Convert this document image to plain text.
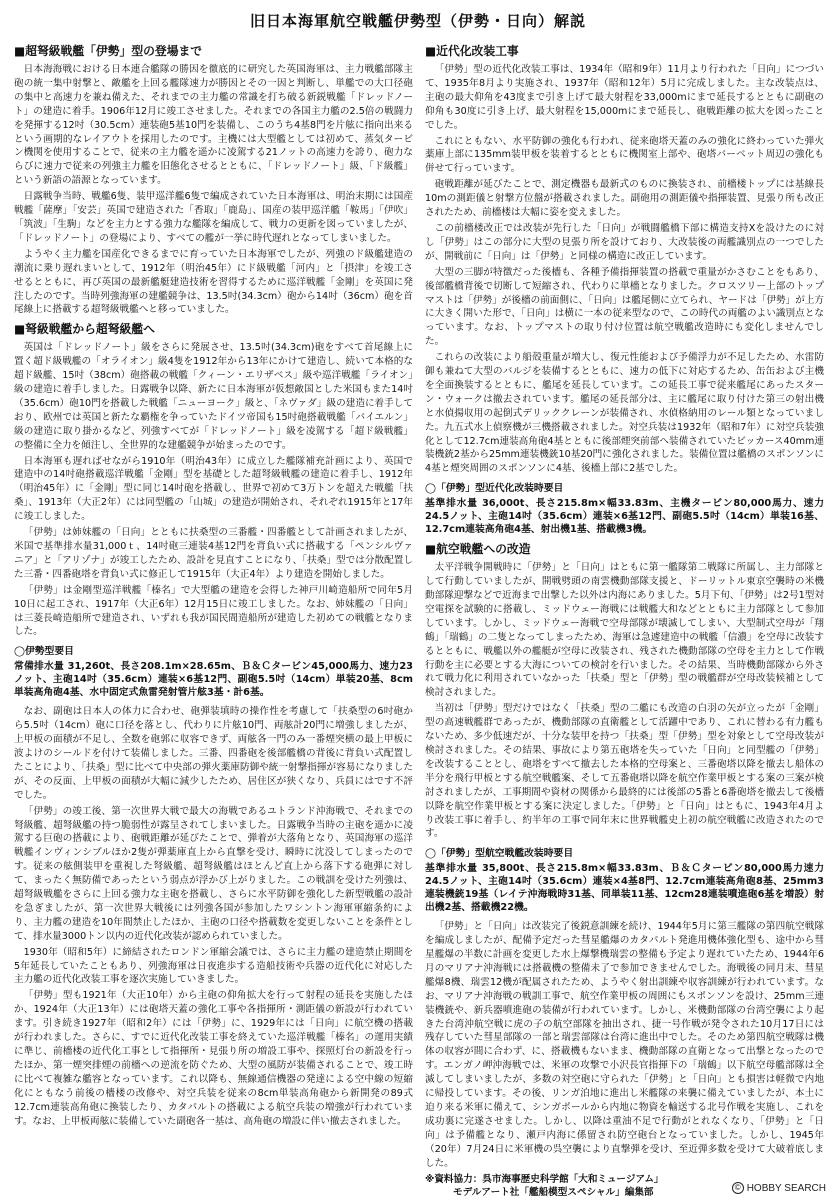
旧日本海軍航空戦艦伊勢型（伊勢・日向）解説
■超弩級戦艦「伊勢」型の登場まで

日本海海戦における日本連合艦隊の勝因を徹底的に研究した英国海軍は、主力戦艦部隊主砲の統一集中射撃と、敵艦を上回る艦隊速力が勝因とその一因と判断し、単艦での大口径砲の集中と高速力を兼ね備えた、それまでの主力艦の常識を打ち破る新鋭戦艦「ドレッドノート」の建造に着手。1906年12月に竣工させました。それまでの各国主力艦の2.5倍の戦闘力を発揮する12吋（30.5cm）連装砲5基10門を装備し、このうち4基8門を片舷に指向出来るという画期的なレイアウトを採用したのです。主機には大型艦としては初めて、蒸気タービン機関を使用することで、従来の主力艦を遥かに凌駕する21ノットの高速力を誇り、砲力ならびに速力で従来の列強主力艦を旧態化させるとともに、「ドレッドノート」級、「ド級艦」という新語の語源となっています。

日露戦争当時、戦艦6隻、装甲巡洋艦6隻で編成されていた日本海軍は、明治末期には国産戦艦「薩摩」「安芸」英国で建造された「香取」「鹿島」、国産の装甲巡洋艦「鞍馬」「伊吹」「筑波」「生駒」などを主力とする強力な艦隊を編成して、戦力の更新を図っていましたが、「ドレッドノート」の登場により、すべての艦が一挙に時代遅れとなってしまいました。

ようやく主力艦を国産化できるまでに育っていた日本海軍でしたが、列強のド級艦建造の潮流に乗り遅れまいとして、1912年（明治45年）にド級戦艦「河内」と「摂津」を竣工させるとともに、再び英国の最新艦艇建造技術を習得するために巡洋戦艦「金剛」を英国に発注したのです。当時列強海軍の建艦競争は、13.5吋(34.3cm）砲から14吋（36cm）砲を首尾線上に搭載する超弩級戦艦へと移っていました。

■弩級戦艦から超弩級艦へ

英国は「ドレッドノート」級をさらに発展させ、13.5吋(34.3cm)砲をすべて首尾線上に置く超ド級戦艦の「オライオン」級4隻を1912年から13年にかけて建造し、続いて本格的な超ド級艦、15吋（38cm）砲搭載の戦艦「クィーン・エリザベス」級や巡洋戦艦「ライオン」級の建造に着手しました。日露戦争以降、新たに日本海軍が仮想敵国とした米国もまた14吋（35.6cm）砲10門を搭載した戦艦「ニューヨーク」級と、「ネヴァダ」級の建造に着手しており、欧州では英国と新たな覇権を争っていたドイツ帝国も15吋砲搭載戦艦「バイエルン」級の建造に取り掛かるなど、列強すべてが「ドレッドノート」級を凌駕する「超ド級戦艦」の整備に全力を傾注し、全世界的な建艦競争が始まったのです。

日本海軍も遅ればせながら1910年（明治43年）に成立した艦隊補充計画により、英国で建造中の14吋砲搭載巡洋戦艦「金剛」型を基礎とした超弩級戦艦の建造に着手し、1912年（明治45年）に「金剛」型に同じ14吋砲を搭載し、世界で初めて3万トンを超えた戦艦「扶桑」、1913年（大正2年）には同型艦の「山城」の建造が開始され、それぞれ1915年と17年に竣工しました。

「伊勢」は姉妹艦の「日向」とともに扶桑型の三番艦・四番艦として計画されましたが、米国で基準排水量31,000ｔ、14吋砲三連装4基12門を背負い式に搭載する「ペンシルヴァニア」と「アリゾナ」が竣工したため、設計を見直すことになり、「扶桑」型では分散配置した三番・四番砲塔を背負い式に修正して1915年（大正4年）より建造を開始しました。

「伊勢」は金剛型巡洋戦艦「榛名」で大型艦の建造を会得した神戸川崎造船所で同年5月10日に起工され、1917年（大正6年）12月15日に竣工しました。なお、姉妹艦の「日向」は三菱長崎造船所で建造され、いずれも我が国民間造船所が建造した初めての戦艦となりました。

◯伊勢型要目

常備排水量 31,260t、長さ208.1m×28.65m、Ｂ＆Ｃタービン45,000馬力、速力23ノット、主砲14吋（35.6cm）連装×6基12門、副砲5.5吋（14cm）単装20基、8cm単装高角砲4基、水中固定式魚雷発射管片舷3基・計6基。

なお、副砲は日本人の体力に合わせ、砲弾装填時の操作性を考慮して「扶桑型の6吋砲から5.5吋（14cm）砲に口径を落とし、代わりに片舷10門、両舷計20門に増強しましたが、上甲板の面積が不足し、全数を砲郭に収容できず、両舷各一門のみ一番煙突横の最上甲板に波よけのシールドを付けて装備しました。三番、四番砲を後部艦橋の背後に背負い式配置したことにより、「扶桑」型に比べて中央部の弾火薬庫防御や統一射撃指揮が容易になりましたが、その反面、上甲板の面積が大幅に減少したため、居住区が狭くなり、兵員にはです不評でした。

「伊勢」の竣工後、第一次世界大戦で最大の海戦であるユトランド沖海戦で、それまでの弩級艦、超弩級艦の持つ脆弱性が露呈されてしまいました。日露戦争当時の主砲を遥かに凌駕する巨砲の搭載により、砲戦距離が延びたことで、弾着が大落角となり、英国海軍の巡洋戦艦インヴィンシブルほか2隻が弾薬庫直上から直撃を受け、瞬時に沈没してしまったのです。従来の舷側装甲を重視した弩級艦、超弩級艦はほとんど直上から落下する砲弾に対して、まったく無防備であったという弱点が浮かび上がりました。この戦訓を受けた列強は、超弩級戦艦をさらに上回る強力な主砲を搭載し、さらに水平防御を強化した新型戦艦の設計を急ぎましたが、第一次世界大戦後には列強各国が参加したワシントン海軍軍縮条約により、主力艦の建造を10年間禁止したほか、主砲の口径や搭載数を変更しないことを条件として、排水量3000トン以内の近代化改装が認められていました。

1930年（昭和5年）に締結されたロンドン軍縮会議では、さらに主力艦の建造禁止期間を5年延長していたこともあり、列強海軍は日夜進歩する造船技術や兵器の近代化に対応した主力艦の近代化改装工事を逐次実施していきました。

「伊勢」型も1921年（大正10年）から主砲の仰角拡大を行って射程の延長を実施したほか、1924年（大正13年）には砲塔天蓋の強化工事や各指揮所・測距儀の新設が行われています。引き続き1927年（昭和2年）には「伊勢」に、1929年には「日向」に航空機の搭載が行われました。さらに、すでに近代化改装工事を終えていた巡洋戦艦「榛名」の運用実績に準じ、前檣楼の近代化工事として指揮所・見張り所の増設工事や、探照灯台の新設を行ったほか、第一煙突排煙の前檣への逆流を防ぐため、大型の風防が装備されることで、竣工時に比べて複雑な艦容となっています。これ以降も、無線通信機器の発達による空中線の短縮化にともなう前後の檣楼の改修や、対空兵装を従来の8cm単装高角砲から新開発の89式12.7cm連装高角砲に換装したり、カタパルトの搭載による航空兵装の増強が行われています。なお、上甲板両舷に装備していた副砲各一基は、高角砲の増設に伴い撤去されました。

■近代化改装工事

「伊勢」型の近代化改装工事は、1934年（昭和9年）11月より行われた「日向」につづいて、1935年8月より実施され、1937年（昭和12年）5月に完成しました。主な改装点は、主砲の最大仰角を43度まで引き上げて最大射程を33,000mにまで延長するとともに副砲の仰角も30度に引き上げ、最大射程を15,000mにまで延長し、砲戦距離の拡大を図ったことでした。

これにともない、水平防御の強化も行われ、従来砲塔天蓋のみの強化に終わっていた弾火薬庫上部に135mm装甲板を装着するとともに機関室上部や、砲塔バーベット周辺の強化も併せて行っています。

砲戦距離が延びたことで、測定機器も最新式のものに換装され、前檣楼トップには基線長10mの測距儀と射撃方位盤が搭載されました。副砲用の測距儀や指揮装置、見張り所も改正されたため、前檣楼は大幅に姿を変えました。

この前檣楼改正では改装が先行した「日向」が戦闘艦橋下部に構造支持Xを設けたのに対し「伊勢」はこの部分に大型の見張り所を設けており、大改装後の両艦識別点の一つでしたが、開戦前に「日向」は「伊勢」と同様の構造に改正しています。

大型の三脚が特徴だった後檣も、各種予備指揮装置の搭載で重量がかさむことをもあり、後部艦橋背後で切断して短縮され、代わりに単檣となりました。クロスツリー上部のトップマストは「伊勢」が後檣の前面側に、「日向」は艦尾側に立てられ、ヤードは「伊勢」が上方に大きく開いた形で、「日向」は横に一本の従来型なので、この時代の両艦のよい識別点となっています。なお、トップマストの取り付け位置は航空戦艦改造時にも変化しませんでした。

これらの改装により船殻重量が増大し、復元性能および予備浮力が不足したため、水雷防御も兼ねて大型のバルジを装備するとともに、速力の低下に対応するため、缶缶および主機を全面換装するとともに、艦尾を延長しています。この延長工事で従来艦尾にあったスターン・ウォークは撤去されています。艦尾の延長部分は、主に艦尾に取り付けた第三の射出機と水偵揚収用の起倒式デリッククレーンが装備され、水偵格納用のレール類となっていました。九五式水上偵察機が三機搭載されました。対空兵装は1932年（昭和7年）に対空兵装強化として12.7cm連装高角砲4基とともに後部煙突前部へ装備されていたビッカース40mm連装機銃2基から25mm連装機銃10基20門に強化されました。装備位置は艦橋のスポンソンに4基と煙突周囲のスポンソンに4基、後檣上部に2基でした。

◯「伊勢」型近代化改装時要目

基準排水量 36,000t、長さ215.8m×幅33.83m、主機タービン80,000馬力、速力24.5ノット、主砲14吋（35.6cm）連装×6基12門、副砲5.5吋（14cm）単装16基、12.7cm連装高角砲4基、射出機1基、搭載機3機。

■航空戦艦への改造

太平洋戦争開戦時に「伊勢」と「日向」はともに第一艦隊第二戦隊に所属し、主力部隊として行動していましたが、開戦劈頭の南雲機動部隊支援と、ドーリットル東京空襲時の米機動部隊迎撃などで近海まで出撃した以外は内海にありました。5月下旬、「伊勢」は2号1型対空電探を試験的に搭載し、ミッドウェー海戦には戦艦大和などとともに主力部隊として参加しています。しかし、ミッドウェー海戦で空母部隊が壊滅してしまい、大型制式空母が「翔鶴」「瑞鶴」の二隻となってしまったため、海軍は急遽建造中の戦艦「信濃」を空母に改装するとともに、戦艦以外の艦艇が空母に改装され、残された機動部隊の空母を主力として作戦行動を主に必要とする大海についての検討を行いました。その結果、当時機動部隊から外されて戦力化に利用されていなかった「扶桑」型と「伊勢」型の戦艦群が空母改装候補として検討されました。

当初は「伊勢」型だけではなく「扶桑」型の二艦にも改造の白羽の矢が立ったが「金剛」型の高速戦艦群であったが、機動部隊の直衛艦として活躍中であり、これに替わる有力艦もないため、多少低速だが、十分な装甲を持つ「扶桑」型「伊勢」型を対象として空母改装が検討されました。その結果、事故により第五砲塔を失っていた「日向」と同型艦の「伊勢」を改装することとし、砲塔をすべて撤去した本格的空母案と、三番砲塔以降を撤去し船体の半分を飛行甲板とする航空戦艦案、そして五番砲塔以降を航空作業甲板とする案の三案が検討されましたが、工事期間や資材の関係から最終的には後部の5番と6番砲塔を撤去して後檣以降を航空作業甲板とする案に決定しました。「伊勢」と「日向」はともに、1943年4月より改装工事に着手し、約半年の工事で同年末に世界戦艦史上初の航空戦艦に改造されたのです。

◯「伊勢」型航空戦艦改装時要目

基準排水量 35,800t、長さ215.8m×幅33.83m、Ｂ＆Ｃタービン80,000馬力速力24.5ノット、主砲14吋（35.6cm）連装×4基8門、12.7cm連装高角砲8基、25mm3連装機銃19基（レイテ沖海戦時31基、同単装11基、12cm28連装噴進砲6基を増設）射出機2基、搭載機22機。

「伊勢」と「日向」は改装完了後鋭意訓練を続け、1944年5月に第三艦隊の第四航空戦隊を編成しましたが、配備予定だった彗星艦爆のカタパルト発進用機体強化型も、途中から彗星艦爆の半数に計画を変更した水上爆撃機瑞雲の整備も予定より遅れていたため、1944年6月のマリアナ沖海戦には搭載機の整備未了で参加できませんでした。海戦後の同月末、彗星艦爆8機、瑞雲12機が配属されたため、ようやく射出訓練や収容訓練が行われています。なお、マリアナ沖海戦の戦訓工事で、航空作業甲板の周囲にもスポンソンを設け、25mm三連装機銃や、新兵器噴進砲の装備が行われています。しかし、米機動部隊の台湾空襲により起きた台湾沖航空戦に虎の子の航空部隊を抽出され、捷一号作戦が発令された10月17日には残存していた彗星部隊の一部と瑞雲部隊は台湾に進出中でした。そのため第四航空戦隊は機体の収容が間に合わず、に、搭載機もないまま、機動部隊の直衛となって出撃となったのです。エンガノ岬沖海戦では、米軍の攻撃で小沢長官指揮下の「瑞鶴」以下航空母艦部隊は全滅してしまいましたが、多数の対空砲に守られた「伊勢」と「日向」とも損害は軽微で内地に帰投しています。その後、リンガ泊地に進出し米艦隊の来襲に備えていましたが、本土に迫り来る米軍に備えて、シンガポールから内地に物資を輸送する北号作戦を実施し、これを成功裏に完遂させました。しかし、以降は重油不足で行動がとれなくなり、「伊勢」と「日向」は予備艦となり、瀬戸内海に係留され防空砲台となっていました。しかし、1945年（20年）7月24日に米軍機の呉空襲により直撃弾を受け、至近弾多数を受けて大破着底しました。

※資料協力：呉市海事歴史科学館「大和ミュージアム」
モデルアート社「艦船模型スペシャル」編集部	© HOBBY SEARCH
